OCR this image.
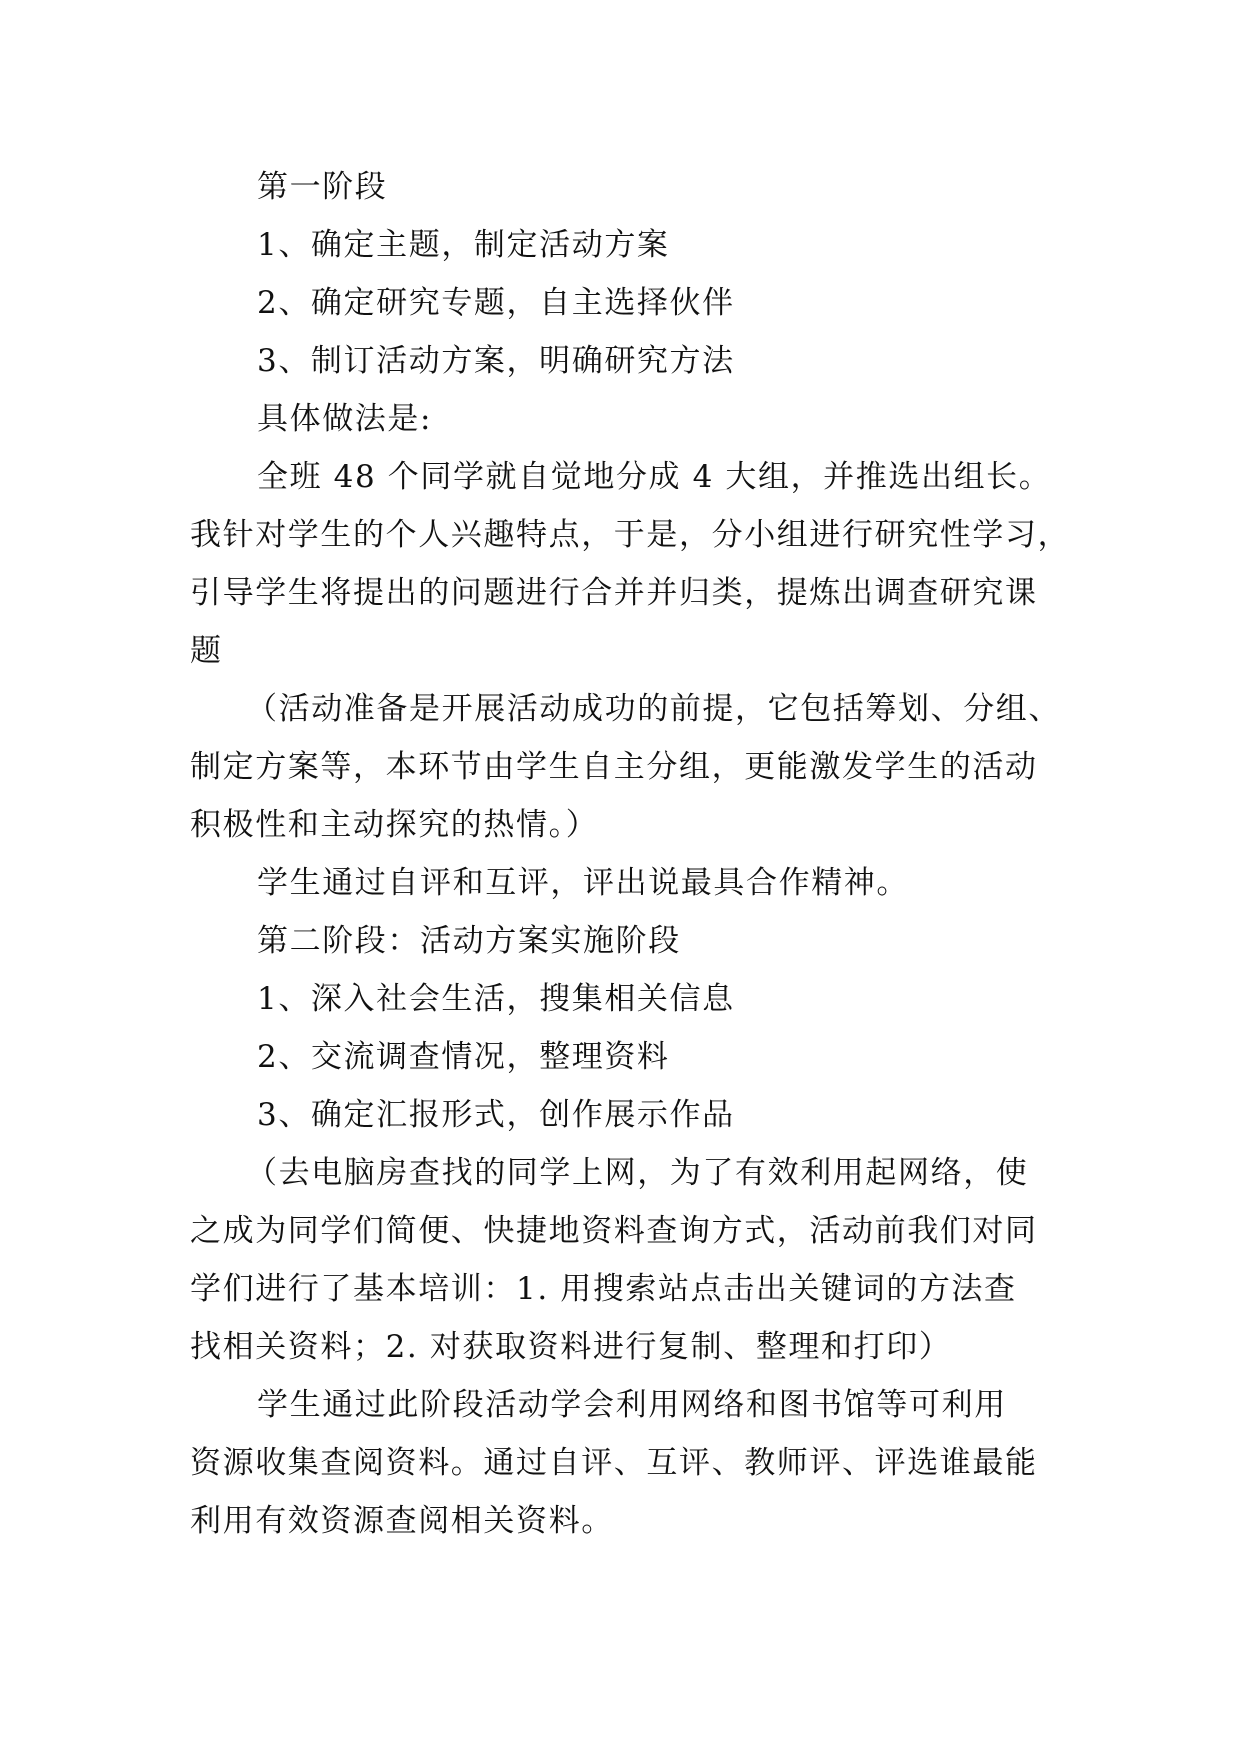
第一阶段
1、确定主题，制定活动方案
2、确定研究专题，自主选择伙伴
3、制订活动方案，明确研究方法
具体做法是:
全班 48 个同学就自觉地分成 4 大组，并推选出组长。
我针对学生的个人兴趣特点，于是，分小组进行研究性学习，
引导学生将提出的问题进行合并并归类，提炼出调查研究课
题
（活动准备是开展活动成功的前提，它包括筹划、分组、
制定方案等，本环节由学生自主分组，更能激发学生的活动
积极性和主动探究的热情。）
学生通过自评和互评，评出说最具合作精神。
第二阶段：活动方案实施阶段
1、深入社会生活，搜集相关信息
2、交流调查情况，整理资料
3、确定汇报形式，创作展示作品
（去电脑房查找的同学上网，为了有效利用起网络，使
之成为同学们简便、快捷地资料查询方式，活动前我们对同
学们进行了基本培训：1. 用搜索站点击出关键词的方法查
找相关资料；2. 对获取资料进行复制、整理和打印）
学生通过此阶段活动学会利用网络和图书馆等可利用
资源收集查阅资料。通过自评、互评、教师评、评选谁最能
利用有效资源查阅相关资料。
